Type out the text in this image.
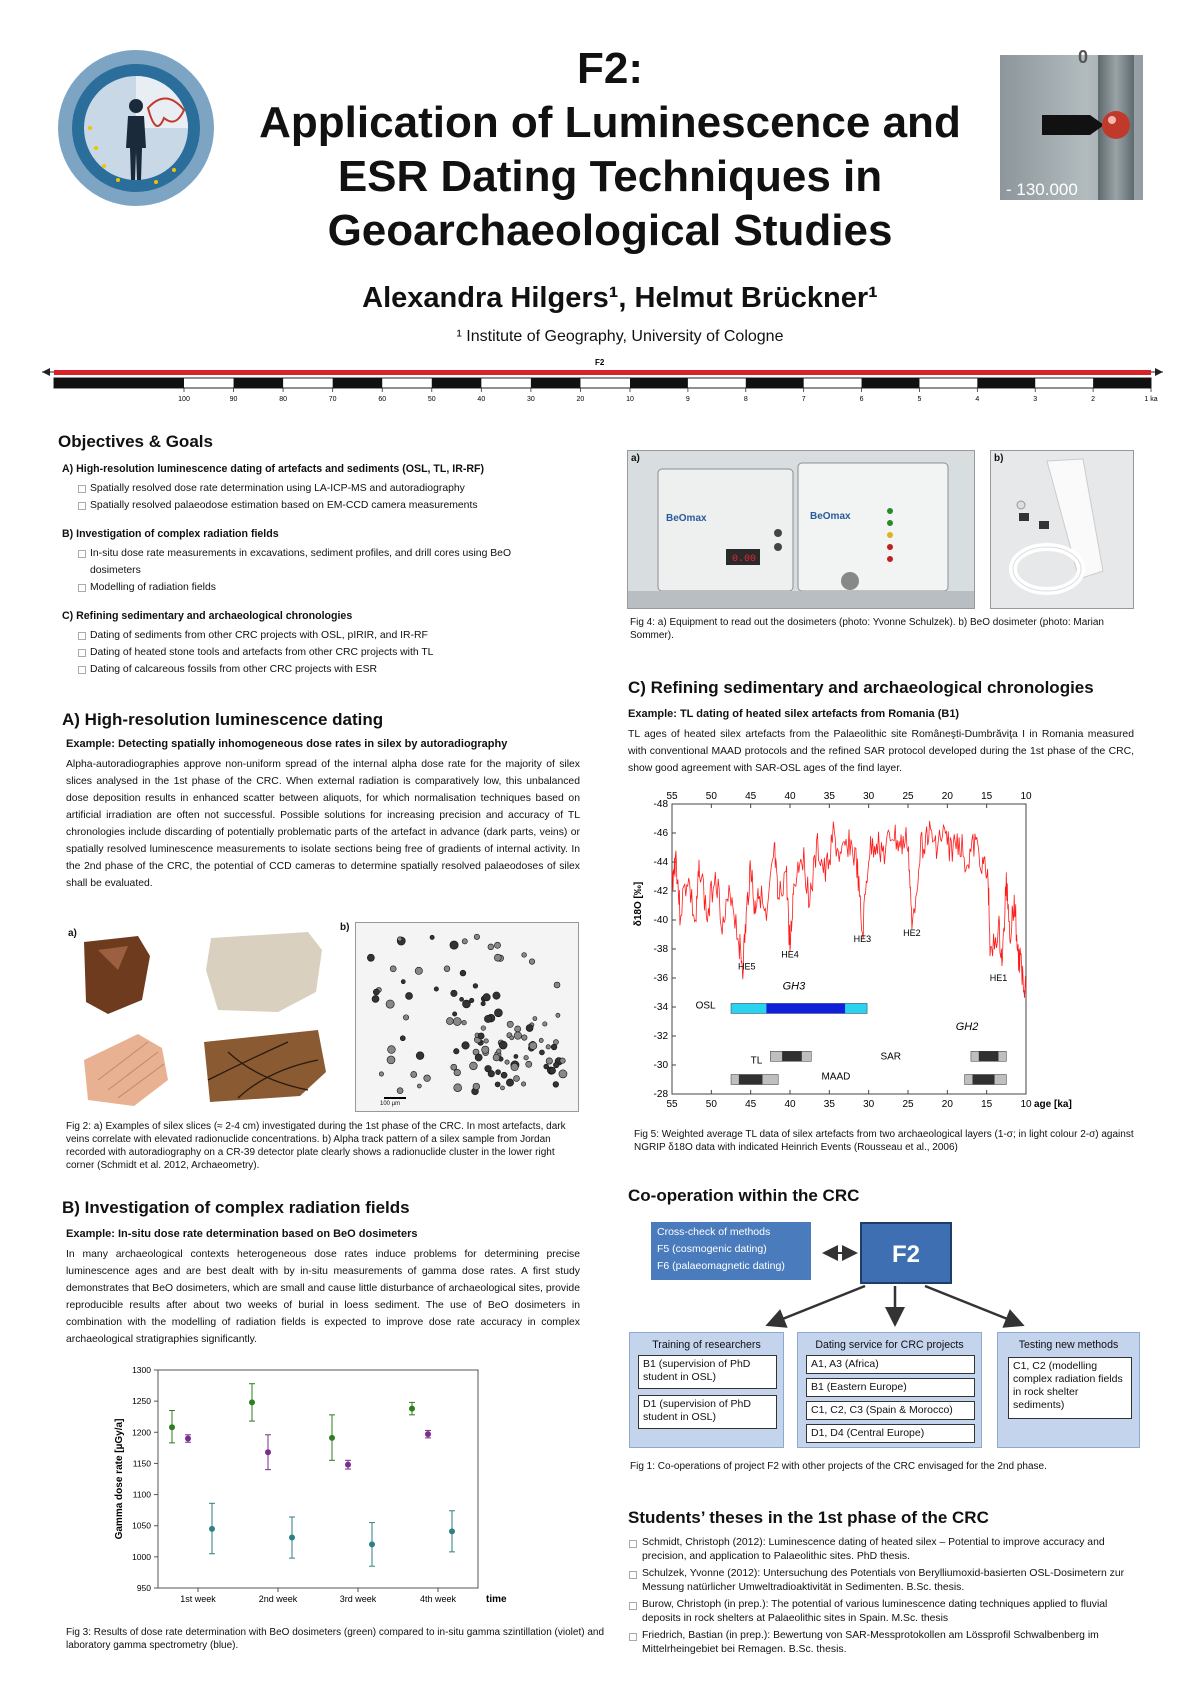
F2:
Application of Luminescence and
ESR Dating Techniques in
Geoarchaeological Studies
0
- 130.000
Alexandra Hilgers¹, Helmut Brückner¹
¹ Institute of Geography, University of Cologne
F2
100	90	80	70	60	50	40	30	20	10	9	8	7	6	5	4	3	2	1 ka
Objectives & Goals
A) High-resolution luminescence dating of artefacts and sediments (OSL, TL, IR-RF)
Spatially resolved dose rate determination using LA-ICP-MS and autoradiography
Spatially resolved palaeodose estimation based on EM-CCD camera measurements
B) Investigation of complex radiation fields
In-situ dose rate measurements in excavations, sediment profiles, and drill cores using BeO dosimeters
Modelling of radiation fields
C) Refining sedimentary and archaeological chronologies
Dating of sediments from other CRC projects with OSL, pIRIR, and IR-RF
Dating of heated stone tools and artefacts from other CRC projects with TL
Dating of calcareous fossils from other CRC projects with ESR
A) High-resolution luminescence dating
Example: Detecting spatially inhomogeneous dose rates in silex by autoradiography
Alpha-autoradiographies approve non-uniform spread of the internal alpha dose rate for the majority of silex slices analysed in the 1st phase of the CRC. When external radiation is comparatively low, this unbalanced dose deposition results in enhanced scatter between aliquots, for which normalisation techniques based on artificial irradiation are often not successful. Possible solutions for increasing precision and accuracy of TL chronologies include discarding of potentially problematic parts of the artefact in advance (dark parts, veins) or spatially resolved luminescence measurements to isolate sections being free of gradients of internal activity. In the 2nd phase of the CRC, the potential of CCD cameras to determine spatially resolved palaeodoses of silex shall be evaluated.
a)
b)
100 µm
Fig 2: a) Examples of silex slices (≈ 2-4 cm) investigated during the 1st phase of the CRC. In most artefacts, dark veins correlate with elevated radionuclide concentrations. b) Alpha track pattern of a silex sample from Jordan recorded with autoradiography on a CR-39 detector plate clearly shows a radionuclide cluster in the lower right corner (Schmidt et al. 2012, Archaeometry).
B) Investigation of complex radiation fields
Example: In-situ dose rate determination based on BeO dosimeters
In many archaeological contexts heterogeneous dose rates induce problems for determining precise luminescence ages and are best dealt with by in-situ measurements of gamma dose rates. A first study demonstrates that BeO dosimeters, which are small and cause little disturbance of archaeological sites, provide reproducible results after about two weeks of burial in loess sediment. The use of BeO dosimeters in combination with the modelling of radiation fields is expected to improve dose rate accuracy in complex archaeological stratigraphies significantly.
950
1000
1050
1100
1150
1200
1250
1300
1st week	2nd week	3rd week	4th week	time
Gamma dose rate [µGy/a]
Fig 3: Results of dose rate determination with BeO dosimeters (green) compared to in-situ gamma szintillation (violet) and laboratory gamma spectrometry (blue).
a)
0.00
BeOmax	BeOmax
b)
Fig 4: a) Equipment to read out the dosimeters (photo: Yvonne Schulzek). b) BeO dosimeter (photo: Marian Sommer).
C) Refining sedimentary and archaeological chronologies
Example: TL dating of heated silex artefacts from Romania (B1)
TL ages of heated silex artefacts from the Palaeolithic site Româneşti-Dumbrăviţa I in Romania measured with conventional MAAD protocols and the refined SAR protocol developed during the 1st phase of the CRC, show good agreement with SAR-OSL ages of the find layer.
55
55
50
50
45
45
40
40
35
35
30
30
25
25
20
20
15
15
10
10 age [ka]
-48
-46
-44
-42
-40
-38
-36
-34
-32
-30
-28
δ18O [‰]
HE5
HE4
HE3
HE2
HE1
GH3
GH2
OSL
SAR
TL
MAAD
Fig 5: Weighted average TL data of silex artefacts from two archaeological layers (1-σ; in light colour 2-σ) against NGRIP δ18O data with indicated Heinrich Events (Rousseau et al., 2006)
Co-operation within the CRC
Cross-check of methods
F5 (cosmogenic dating)
F6 (palaeomagnetic dating)	F2
Training of researchers
B1 (supervision of PhD student in OSL)
D1 (supervision of PhD student in OSL)
Dating service for CRC projects
A1, A3 (Africa)
B1 (Eastern Europe)
C1, C2, C3 (Spain & Morocco)
D1, D4 (Central Europe)
Testing new methods
C1, C2 (modelling complex radiation fields in rock shelter sediments)
Fig 1: Co-operations of project F2 with other projects of the CRC envisaged for the 2nd phase.
Students’ theses in the 1st phase of the CRC
Schmidt, Christoph (2012): Luminescence dating of heated silex – Potential to improve accuracy and precision, and application to Palaeolithic sites. PhD thesis.
Schulzek, Yvonne (2012): Untersuchung des Potentials von Beryllium​oxid-basierten OSL-Dosimetern zur Messung natürlicher Umweltradioaktivität in Sedimenten. B.Sc. thesis.
Burow, Christoph (in prep.): The potential of various luminescence dating techniques applied to fluvial deposits in rock shelters at Palaeolithic sites in Spain. M.Sc. thesis
Friedrich, Bastian (in prep.): Bewertung von SAR-Messprotokollen am Lössprofil Schwalbenberg im Mittelrheingebiet bei Remagen. B.Sc. thesis.
